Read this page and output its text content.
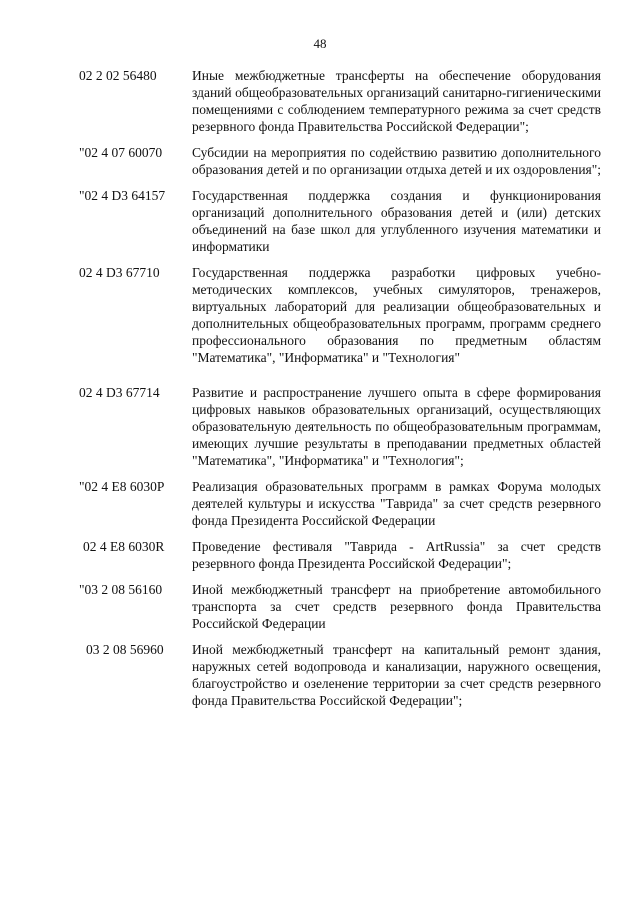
48
02 2 02 56480	Иные межбюджетные трансферты на обеспечение оборудования зданий общеобразовательных организаций санитарно-гигиеническими помещениями с соблюдением температурного режима за счет средств резервного фонда Правительства Российской Федерации";
"02 4 07 60070 Субсидии на мероприятия по содействию развитию дополнительного образования детей и по организации отдыха детей и их оздоровления";
"02 4 D3 64157 Государственная поддержка создания и функционирования организаций дополнительного образования детей и (или) детских объединений на базе школ для углубленного изучения математики и информатики
02 4 D3 67710 Государственная поддержка разработки цифровых учебно-методических комплексов, учебных симуляторов, тренажеров, виртуальных лабораторий для реализации общеобразовательных и дополнительных общеобразовательных программ, программ среднего профессионального образования по предметным областям "Математика", "Информатика" и "Технология"
02 4 D3 67714 Развитие и распространение лучшего опыта в сфере формирования цифровых навыков образовательных организаций, осуществляющих образовательную деятельность по общеобразовательным программам, имеющих лучшие результаты в преподавании предметных областей "Математика", "Информатика" и "Технология";
"02 4 E8 6030P Реализация образовательных программ в рамках Форума молодых деятелей культуры и искусства "Таврида" за счет средств резервного фонда Президента Российской Федерации
02 4 E8 6030R Проведение фестиваля "Таврида - ArtRussia" за счет средств резервного фонда Президента Российской Федерации";
"03 2 08 56160 Иной межбюджетный трансферт на приобретение автомобильного транспорта за счет средств резервного фонда Правительства Российской Федерации
03 2 08 56960 Иной межбюджетный трансферт на капитальный ремонт здания, наружных сетей водопровода и канализации, наружного освещения, благоустройство и озеленение территории за счет средств резервного фонда Правительства Российской Федерации";
